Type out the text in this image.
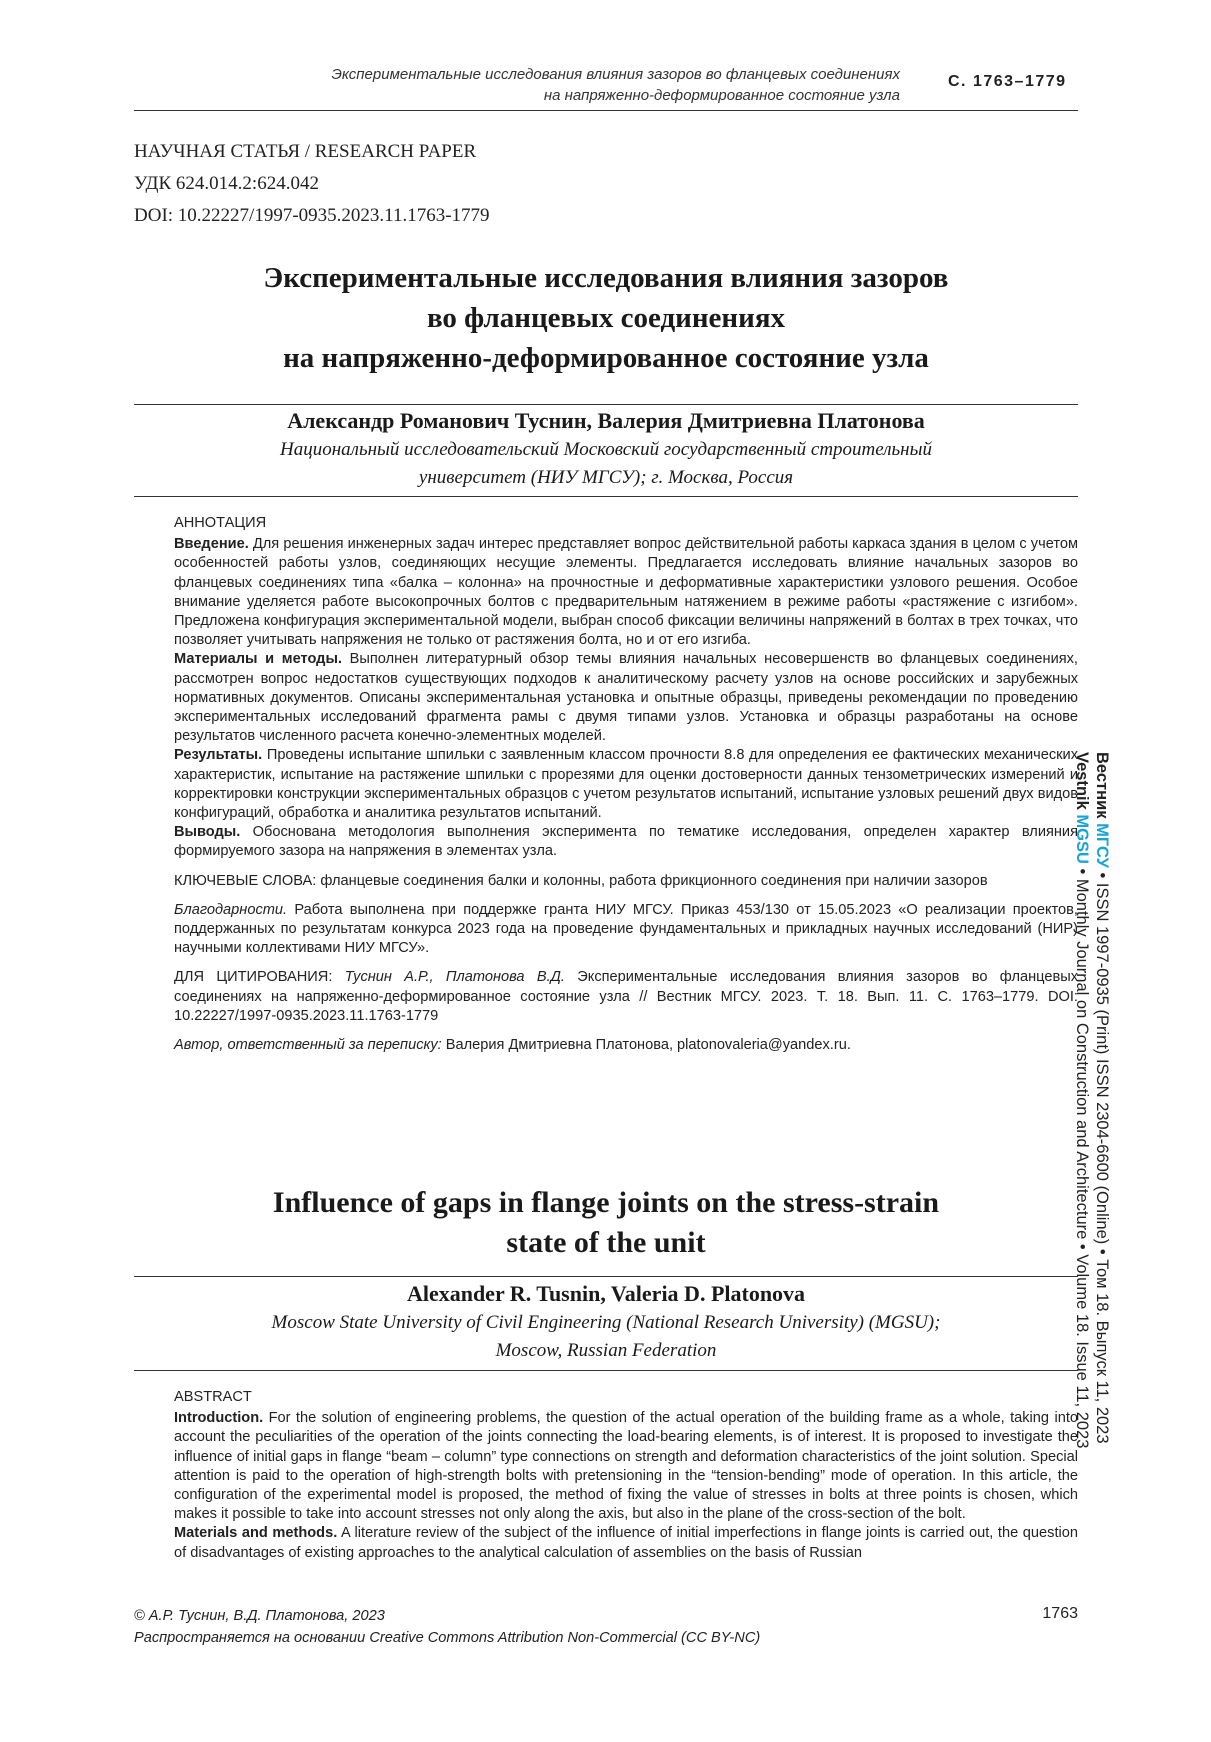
Экспериментальные исследования влияния зазоров во фланцевых соединениях
на напряженно-деформированное состояние узла
С. 1763–1779
НАУЧНАЯ СТАТЬЯ / RESEARCH PAPER
УДК 624.014.2:624.042
DOI: 10.22227/1997-0935.2023.11.1763-1779
Экспериментальные исследования влияния зазоров
во фланцевых соединениях
на напряженно-деформированное состояние узла
Александр Романович Туснин, Валерия Дмитриевна Платонова
Национальный исследовательский Московский государственный строительный
университет (НИУ МГСУ); г. Москва, Россия

АННОТАЦИЯ

Введение. Для решения инженерных задач интерес представляет вопрос действительной работы каркаса здания в целом с учетом особенностей работы узлов, соединяющих несущие элементы. Предлагается исследовать влияние начальных зазоров во фланцевых соединениях типа «балка – колонна» на прочностные и деформативные характеристики узлового решения. Особое внимание уделяется работе высокопрочных болтов с предварительным натяжением в режиме работы «растяжение с изгибом». Предложена конфигурация экспериментальной модели, выбран способ фиксации величины напряжений в болтах в трех точках, что позволяет учитывать напряжения не только от растяжения болта, но и от его изгиба.

Материалы и методы. Выполнен литературный обзор темы влияния начальных несовершенств во фланцевых соединениях, рассмотрен вопрос недостатков существующих подходов к аналитическому расчету узлов на основе российских и зарубежных нормативных документов. Описаны экспериментальная установка и опытные образцы, приведены рекомендации по проведению экспериментальных исследований фрагмента рамы с двумя типами узлов. Установка и образцы разработаны на основе результатов численного расчета конечно-элементных моделей.

Результаты. Проведены испытание шпильки с заявленным классом прочности 8.8 для определения ее фактических механических характеристик, испытание на растяжение шпильки с прорезями для оценки достоверности данных тензометрических измерений и корректировки конструкции экспериментальных образцов с учетом результатов испытаний, испытание узловых решений двух видов конфигураций, обработка и аналитика результатов испытаний.

Выводы. Обоснована методология выполнения эксперимента по тематике исследования, определен характер влияния формируемого зазора на напряжения в элементах узла.

КЛЮЧЕВЫЕ СЛОВА: фланцевые соединения балки и колонны, работа фрикционного соединения при наличии зазоров

Благодарности. Работа выполнена при поддержке гранта НИУ МГСУ. Приказ 453/130 от 15.05.2023 «О реализации проектов, поддержанных по результатам конкурса 2023 года на проведение фундаментальных и прикладных научных исследований (НИР) научными коллективами НИУ МГСУ».

ДЛЯ ЦИТИРОВАНИЯ: Туснин А.Р., Платонова В.Д. Экспериментальные исследования влияния зазоров во фланцевых соединениях на напряженно-деформированное состояние узла // Вестник МГСУ. 2023. Т. 18. Вып. 11. С. 1763–1779. DOI: 10.22227/1997-0935.2023.11.1763-1779

Автор, ответственный за переписку: Валерия Дмитриевна Платонова, platonovaleria@yandex.ru.

Influence of gaps in flange joints on the stress-strain
state of the unit
Alexander R. Tusnin, Valeria D. Platonova
Moscow State University of Civil Engineering (National Research University) (MGSU);
Moscow, Russian Federation

ABSTRACT

Introduction. For the solution of engineering problems, the question of the actual operation of the building frame as a whole, taking into account the peculiarities of the operation of the joints connecting the load-bearing elements, is of interest. It is proposed to investigate the influence of initial gaps in flange “beam – column” type connections on strength and deformation characteristics of the joint solution. Special attention is paid to the operation of high-strength bolts with pretensioning in the “tension-bending” mode of operation. In this article, the configuration of the experimental model is proposed, the method of fixing the value of stresses in bolts at three points is chosen, which makes it possible to take into account stresses not only along the axis, but also in the plane of the cross-section of the bolt.

Materials and methods. A literature review of the subject of the influence of initial imperfections in flange joints is carried out, the question of disadvantages of existing approaches to the analytical calculation of assemblies on the basis of Russian

© А.Р. Туснин, В.Д. Платонова, 2023
Распространяется на основании Creative Commons Attribution Non-Commercial (CC BY-NC)
1763
Вестник МГСУ • ISSN 1997-0935 (Print) ISSN 2304-6600 (Online) • Том 18. Выпуск 11, 2023
Vestnik MGSU • Monthly Journal on Construction and Architecture • Volume 18. Issue 11, 2023
